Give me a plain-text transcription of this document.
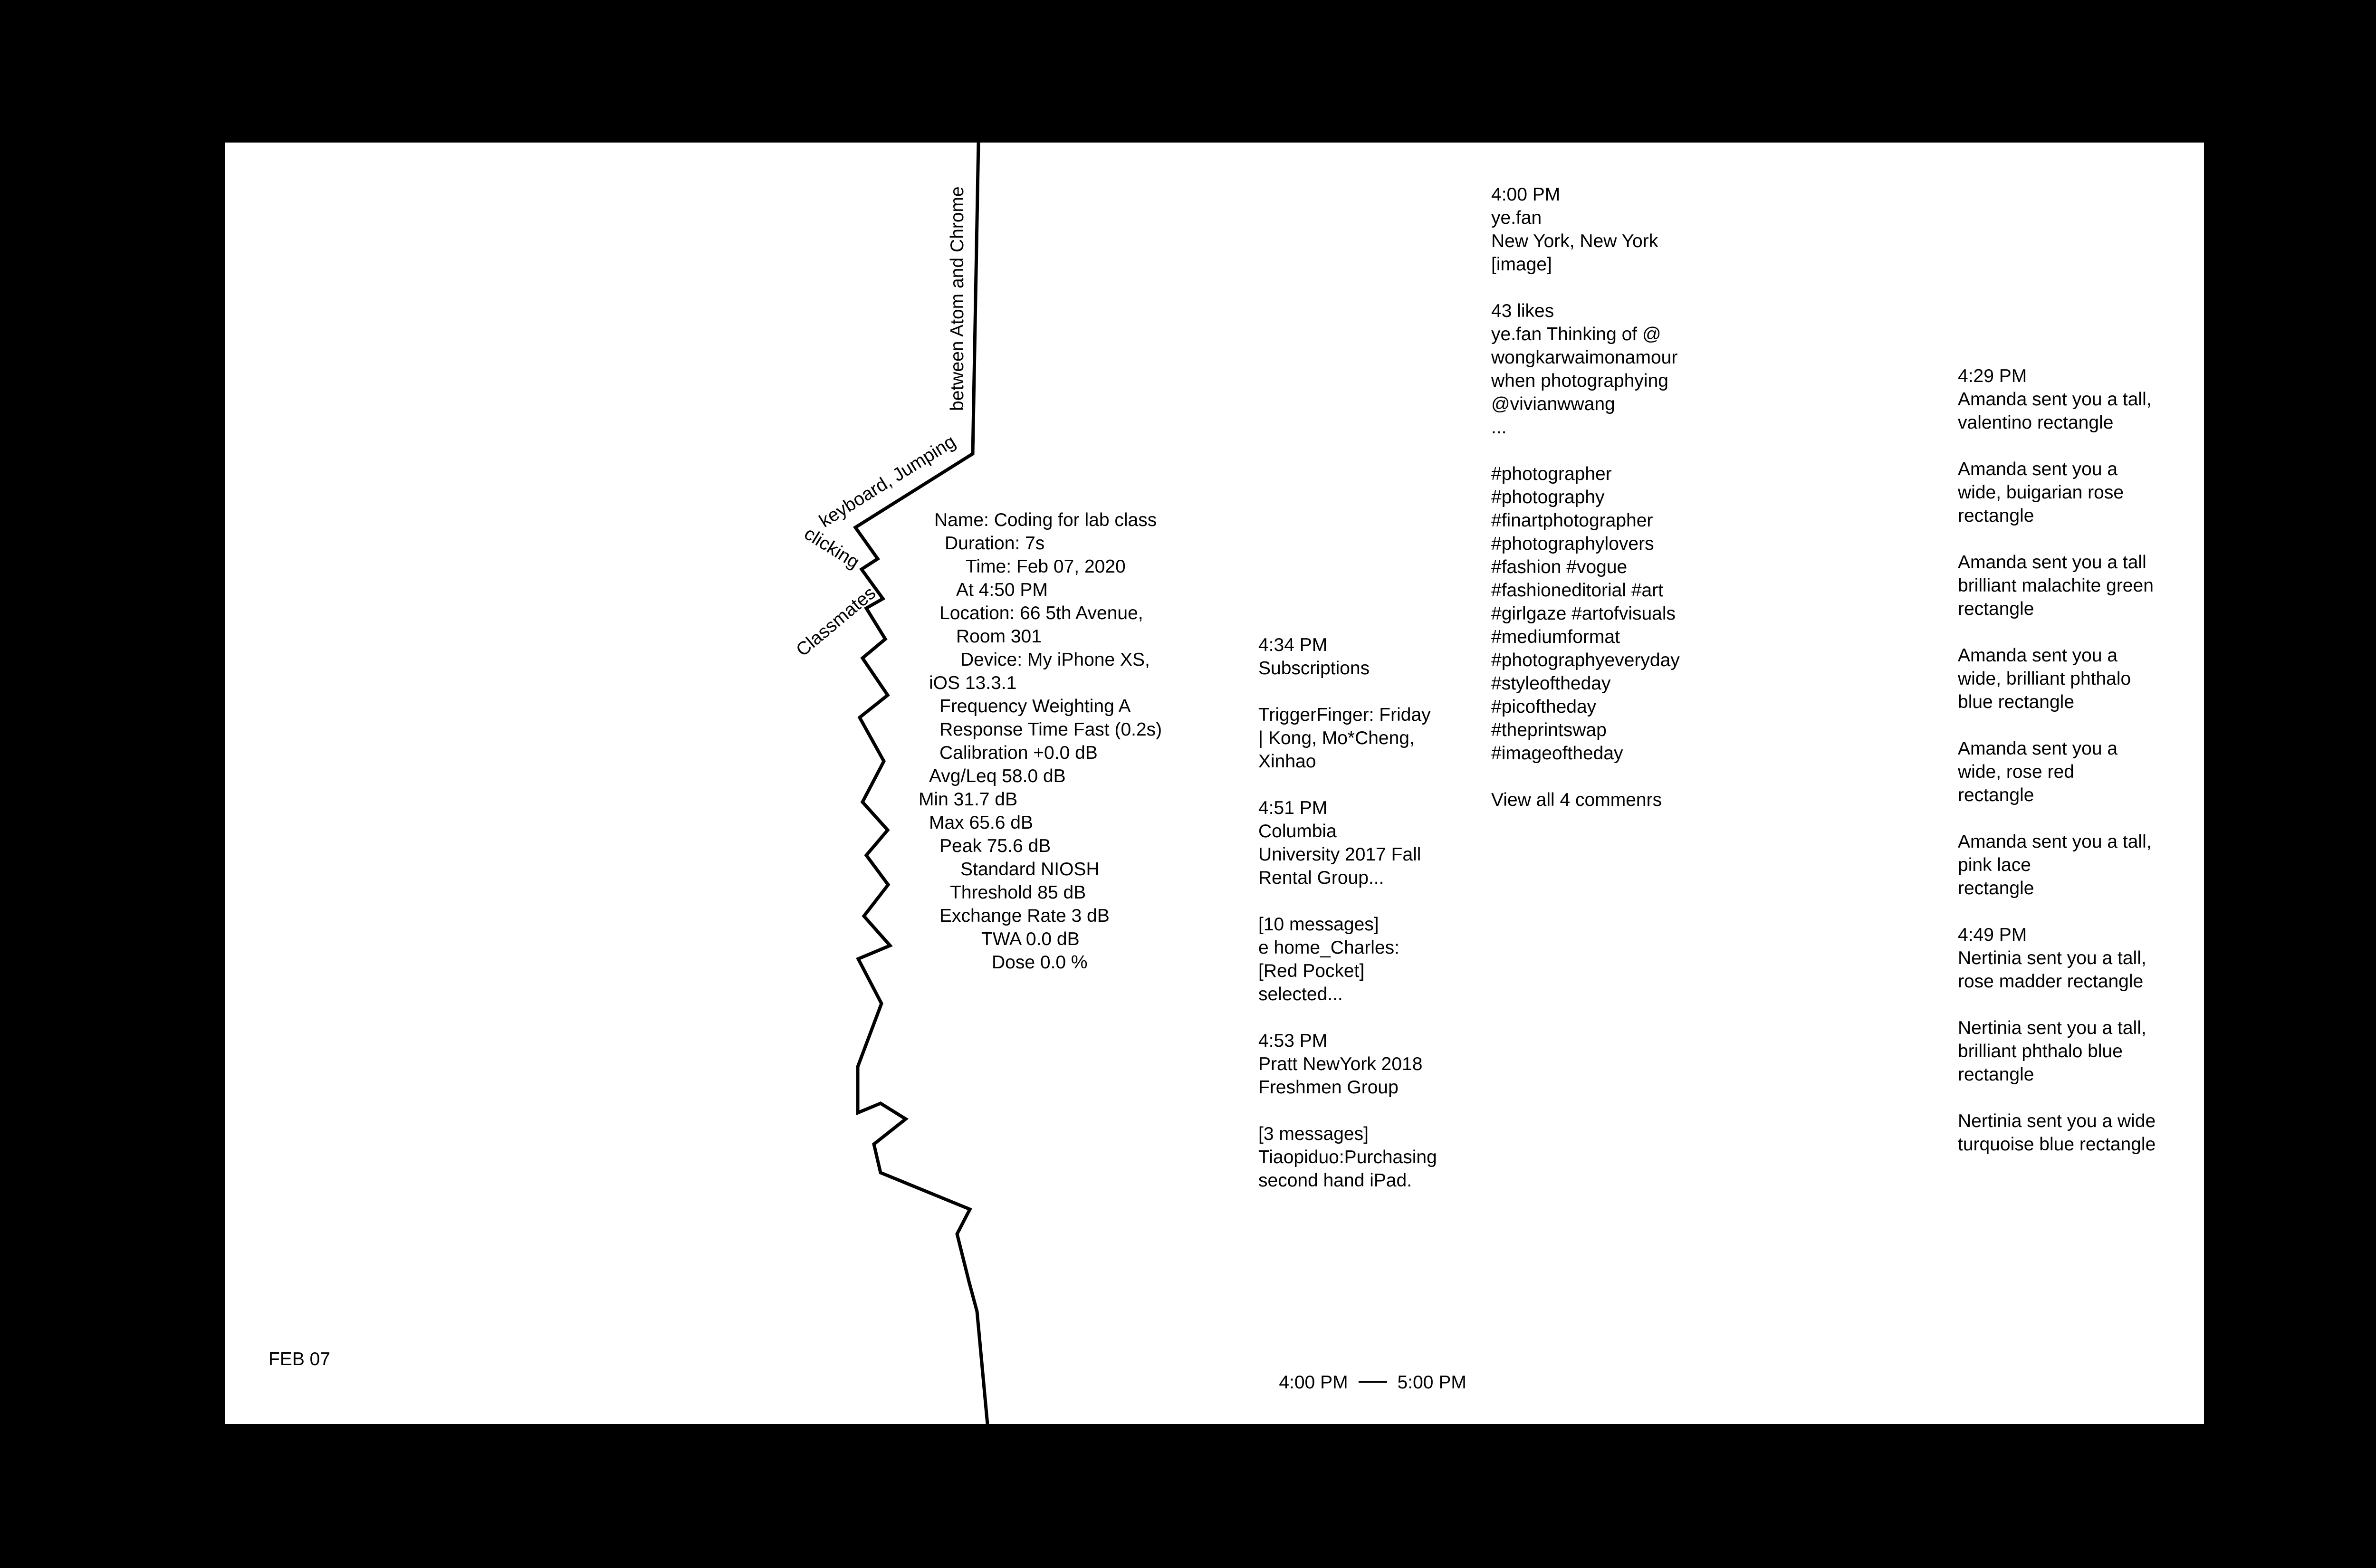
between Atom and Chrome
keyboard, Jumping
clicking
Classmates
Name: Coding for lab class
Duration: 7s
Time: Feb 07, 2020
At 4:50 PM
Location: 66 5th Avenue,
Room 301
Device: My iPhone XS,
iOS 13.3.1
Frequency Weighting A
Response Time Fast (0.2s)
Calibration +0.0 dB
Avg/Leq 58.0 dB
Min 31.7 dB
Max 65.6 dB
Peak 75.6 dB
Standard NIOSH
Threshold 85 dB
Exchange Rate 3 dB
TWA 0.0 dB
Dose 0.0 %

4:34 PM
Subscriptions

TriggerFinger: Friday
| Kong, Mo*Cheng,
Xinhao

4:51 PM
Columbia
University 2017 Fall
Rental Group...

[10 messages]
e home_Charles:
[Red Pocket]
selected...

4:53 PM
Pratt NewYork 2018
Freshmen Group

[3 messages]
Tiaopiduo:Purchasing
second hand iPad.

4:00 PM
ye.fan
New York, New York
[image]

43 likes
ye.fan Thinking of @
wongkarwaimonamour
when photographying
@vivianwwang
...

#photographer
#photography
#finartphotographer
#photographylovers
#fashion #vogue
#fashioneditorial #art
#girlgaze #artofvisuals
#mediumformat
#photographyeveryday
#styleoftheday
#picoftheday
#theprintswap
#imageoftheday

View all 4 commenrs

4:29 PM
Amanda sent you a tall,
valentino rectangle

Amanda sent you a
wide, buigarian rose
rectangle

Amanda sent you a tall
brilliant malachite green
rectangle

Amanda sent you a
wide, brilliant phthalo
blue rectangle

Amanda sent you a
wide, rose red
rectangle

Amanda sent you a tall,
pink lace
rectangle

4:49 PM
Nertinia sent you a tall,
rose madder rectangle

Nertinia sent you a tall,
brilliant phthalo blue
rectangle

Nertinia sent you a wide
turquoise blue rectangle

FEB 07

4:00 PM	5:00 PM
